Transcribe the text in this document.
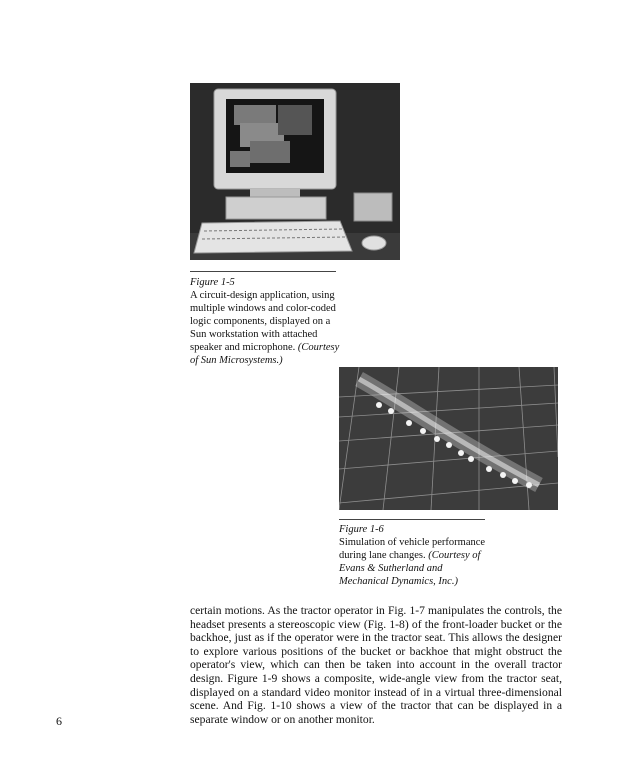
Figure 1-5

A circuit-design application, using multiple windows and color-coded logic components, displayed on a Sun workstation with attached speaker and microphone. (Courtesy of Sun Microsystems.)

Figure 1-6

Simulation of vehicle performance during lane changes. (Courtesy of Evans & Sutherland and Mechanical Dynamics, Inc.)

certain motions. As the tractor operator in Fig. 1-7 manipulates the controls, the headset presents a stereoscopic view (Fig. 1-8) of the front-loader bucket or the backhoe, just as if the operator were in the tractor seat. This allows the designer to explore various positions of the bucket or backhoe that might obstruct the operator's view, which can then be taken into account in the overall tractor design. Figure 1-9 shows a composite, wide-angle view from the tractor seat, displayed on a standard video monitor instead of in a virtual three-dimensional scene. And Fig. 1-10 shows a view of the tractor that can be displayed in a separate window or on another monitor.

6
